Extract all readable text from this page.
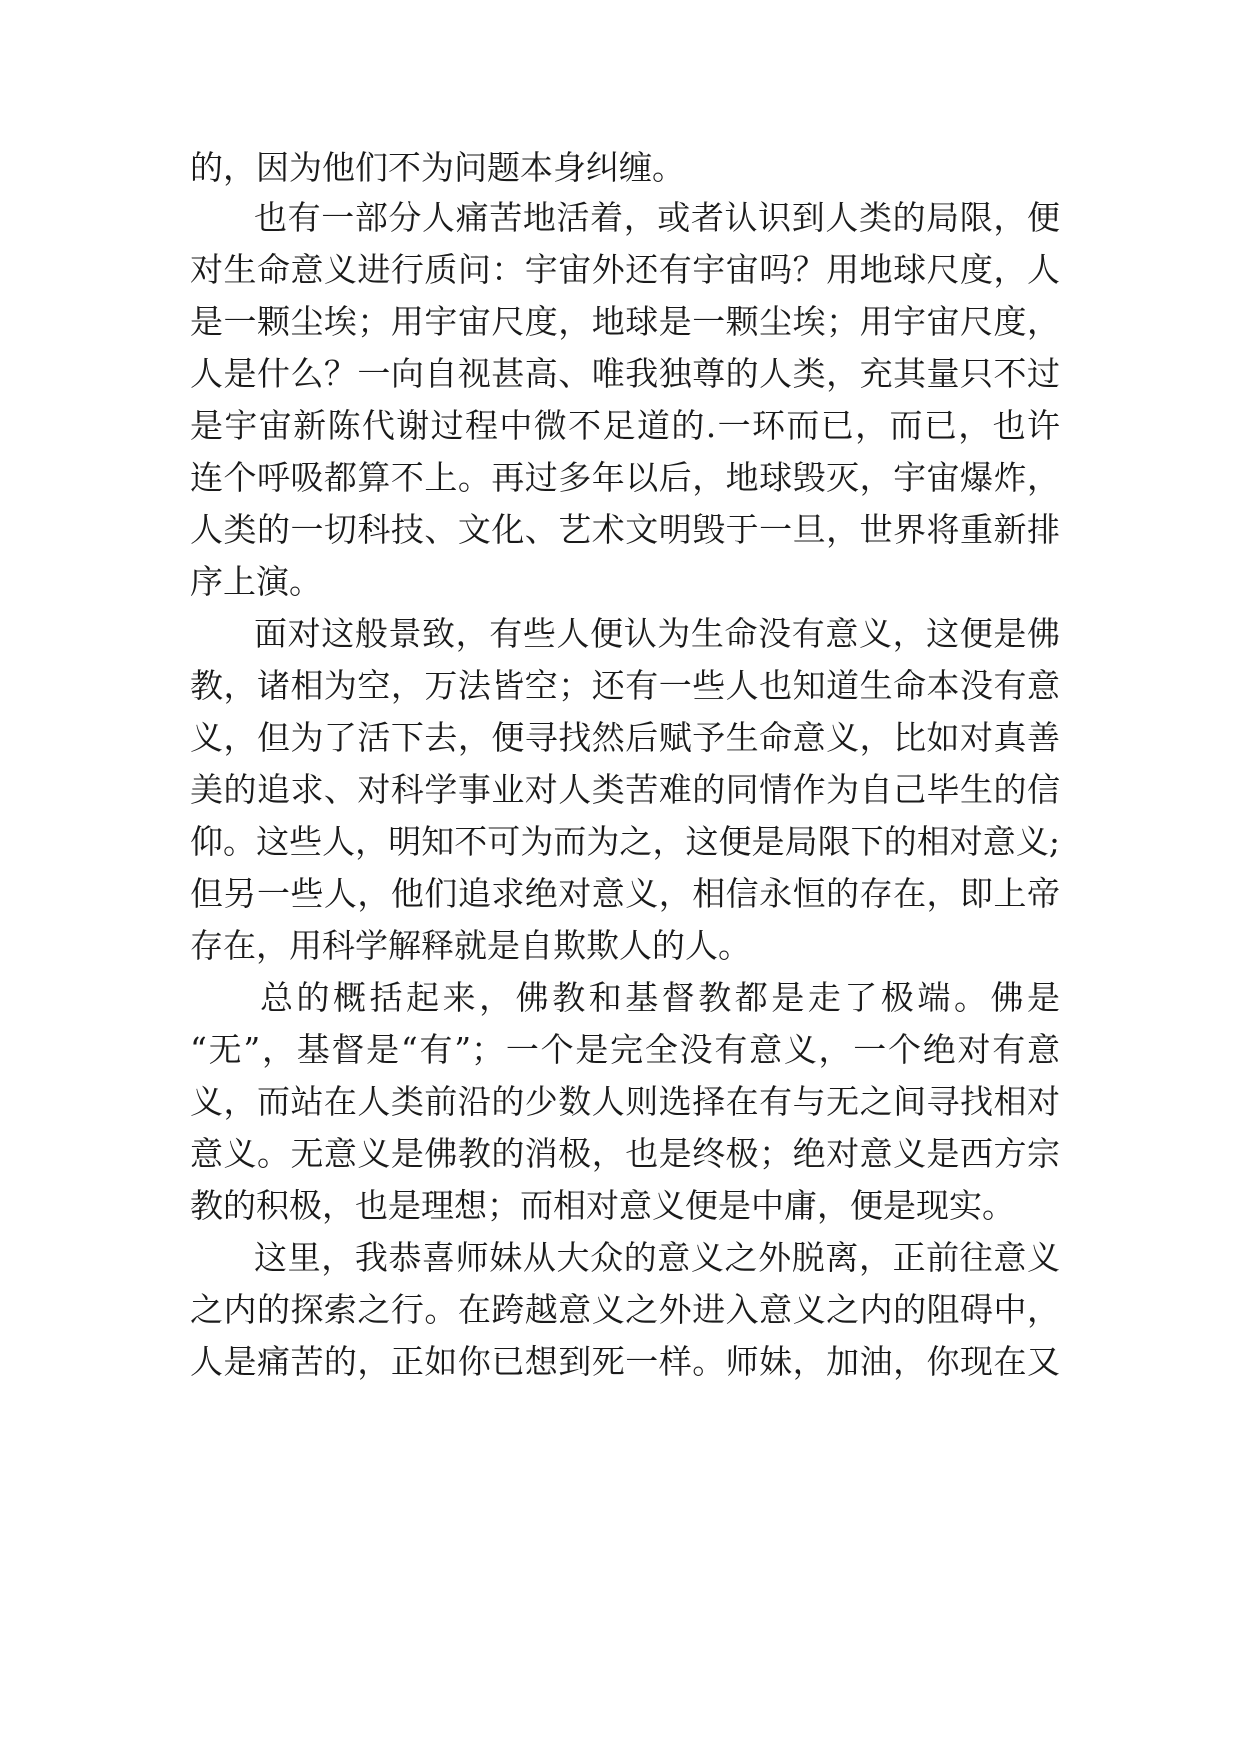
的，因为他们不为问题本身纠缠。
也有一部分人痛苦地活着，或者认识到人类的局限，便
对生命意义进行质问：宇宙外还有宇宙吗？用地球尺度，人
是一颗尘埃；用宇宙尺度，地球是一颗尘埃；用宇宙尺度，
人是什么？一向自视甚高、唯我独尊的人类，充其量只不过
是宇宙新陈代谢过程中微不足道的.一环而已，而已，也许
连个呼吸都算不上。再过多年以后，地球毁灭，宇宙爆炸，
人类的一切科技、文化、艺术文明毁于一旦，世界将重新排
序上演。
面对这般景致，有些人便认为生命没有意义，这便是佛
教，诸相为空，万法皆空；还有一些人也知道生命本没有意
义，但为了活下去，便寻找然后赋予生命意义，比如对真善
美的追求、对科学事业对人类苦难的同情作为自己毕生的信
仰。这些人，明知不可为而为之，这便是局限下的相对意义;
但另一些人，他们追求绝对意义，相信永恒的存在，即上帝
存在，用科学解释就是自欺欺人的人。
总的概括起来，佛教和基督教都是走了极端。佛是
“无”，基督是“有”；一个是完全没有意义，一个绝对有意
义，而站在人类前沿的少数人则选择在有与无之间寻找相对
意义。无意义是佛教的消极，也是终极；绝对意义是西方宗
教的积极，也是理想；而相对意义便是中庸，便是现实。
这里，我恭喜师妹从大众的意义之外脱离，正前往意义
之内的探索之行。在跨越意义之外进入意义之内的阻碍中，
人是痛苦的，正如你已想到死一样。师妹，加油，你现在又
